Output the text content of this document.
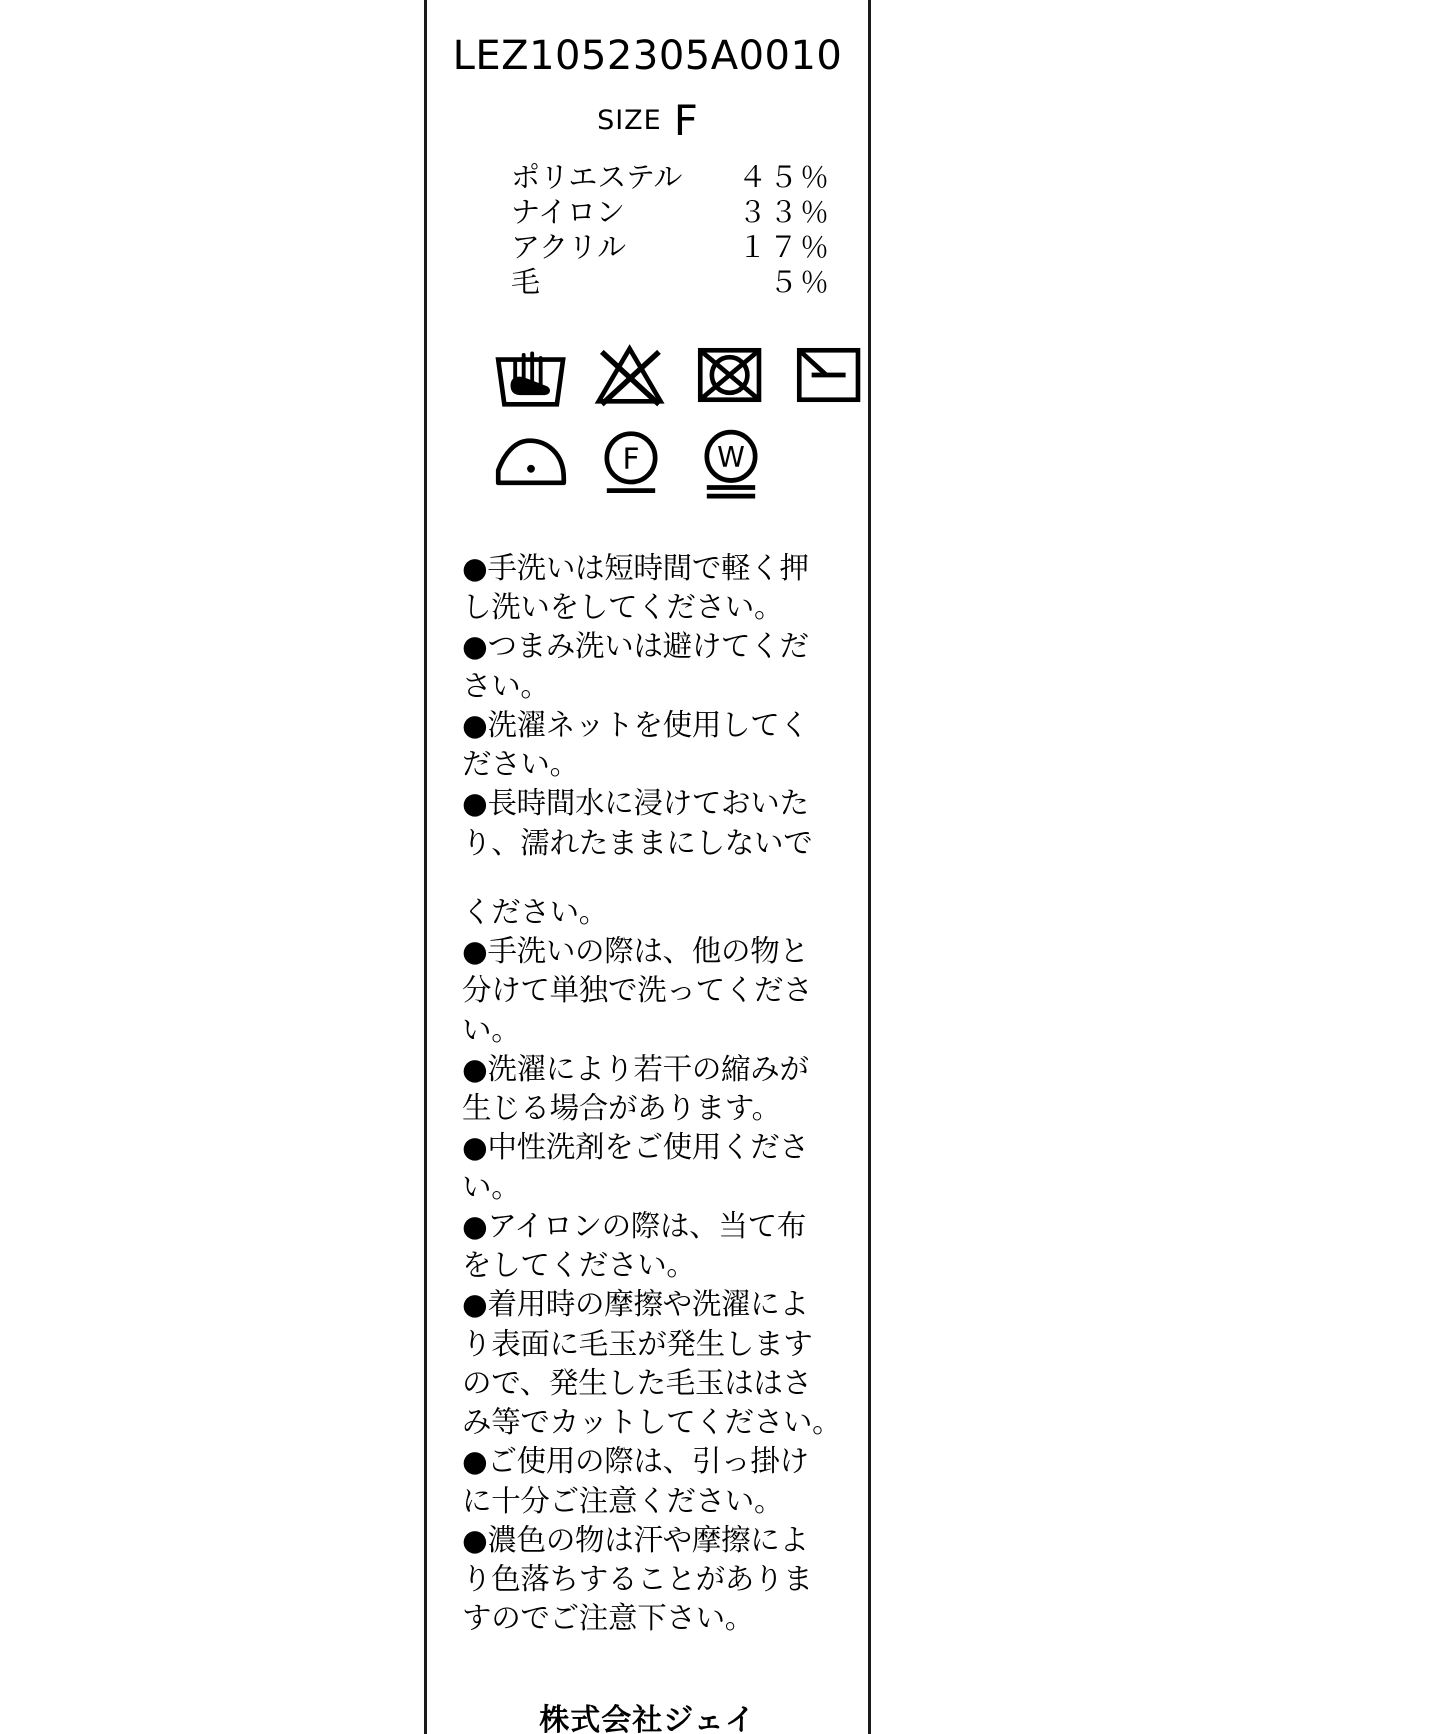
LEZ1052305A0010
SIZE F
ポリエステル	４５％
ナイロン	３３％
アクリル	１７％
毛	５％
F W

●手洗いは短時間で軽く押

し洗いをしてください。

●つまみ洗いは避けてくだ

さい。

●洗濯ネットを使用してく

ださい。

●長時間水に浸けておいた

り、濡れたままにしないで

ください。

●手洗いの際は、他の物と

分けて単独で洗ってくださ

い。

●洗濯により若干の縮みが

生じる場合があります。

●中性洗剤をご使用くださ

い。

●アイロンの際は、当て布

をしてください。

●着用時の摩擦や洗濯によ

り表面に毛玉が発生します

ので、発生した毛玉ははさ

み等でカットしてください。

●ご使用の際は、引っ掛け

に十分ご注意ください。

●濃色の物は汗や摩擦によ

り色落ちすることがありま

すのでご注意下さい。

株式会社ジェイ
